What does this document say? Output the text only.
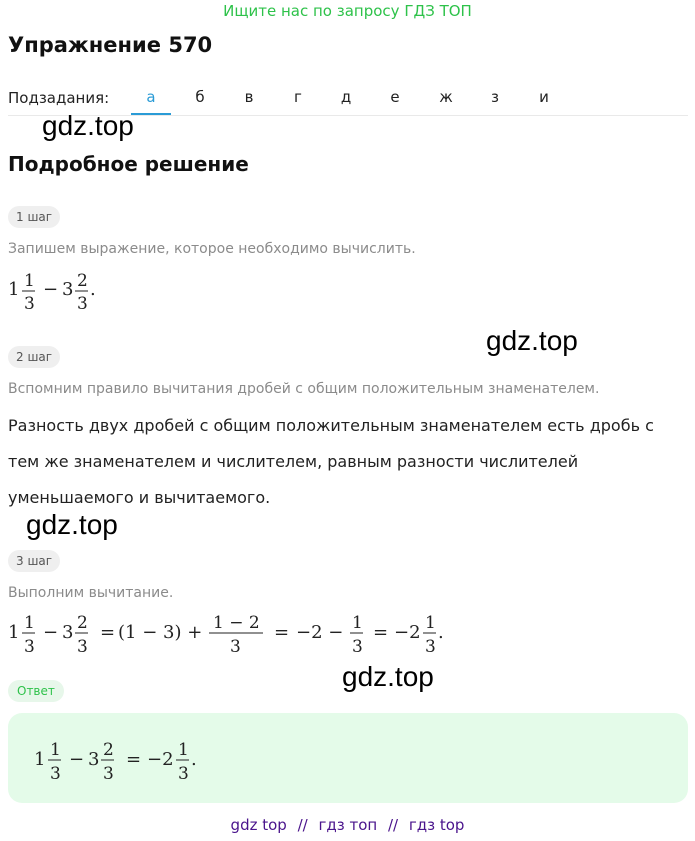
Ищите нас по запросу ГДЗ ТОП
Упражнение 570
Подзадания:	а	б	в	г	д	е	ж	з	и
gdz.top
Подробное решение
1 шаг
Запишем выражение, которое необходимо вычислить.
1 1
3
− 3 2
3
.
gdz.top
2 шаг
Вспомним правило вычитания дробей с общим положительным знаменателем.
Разность двух дробей с общим положительным знаменателем есть дробь с
тем же знаменателем и числителем, равным разности числителей
уменьшаемого и вычитаемого.
gdz.top
3 шаг
Выполним вычитание.
1 1
3
− 3 2
3
= (1 − 3) + 1 − 2
3
= −2 − 1
3
= −2 1
3
.
gdz.top
Ответ
1 1
3
− 3 2
3
= −2 1
3
.
gdz top // гдз топ // гдз top
